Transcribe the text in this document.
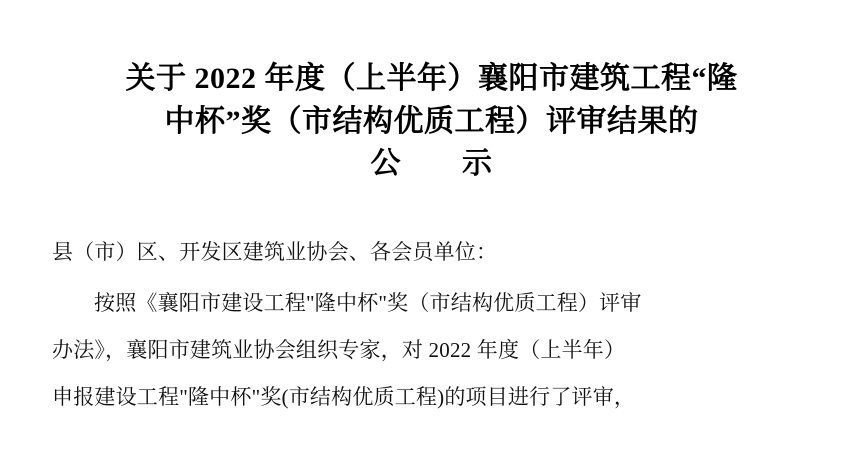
关于 2022 年度（上半年）襄阳市建筑工程“隆
中杯”奖（市结构优质工程）评审结果的
公　　示

县（市）区、开发区建筑业协会、各会员单位：

按照《襄阳市建设工程"隆中杯"奖（市结构优质工程）评审

办法》，襄阳市建筑业协会组织专家，对 2022 年度（上半年）

申报建设工程"隆中杯"奖(市结构优质工程)的项目进行了评审，
